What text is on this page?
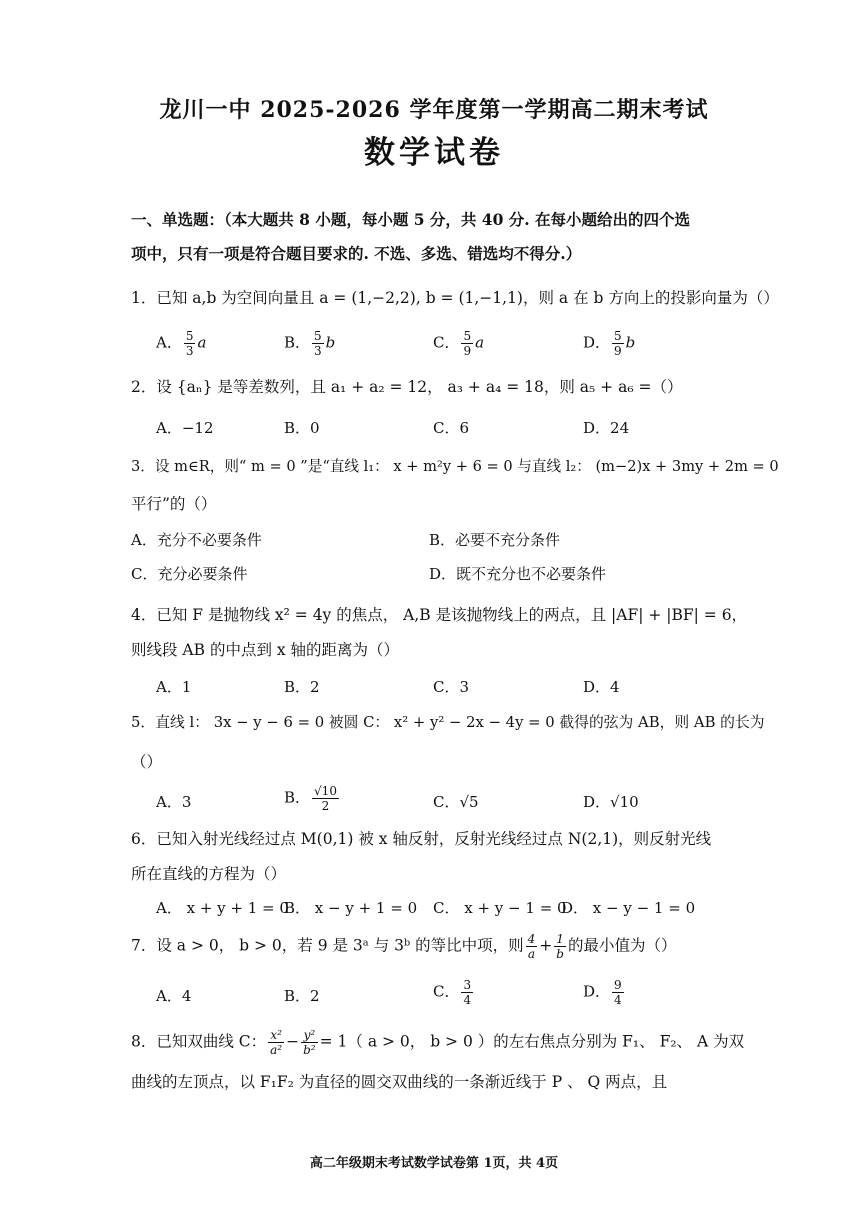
龙川一中 2025-2026 学年度第一学期高二期末考试
数学试卷
一、单选题：（本大题共 8 小题，每小题 5 分，共 40 分. 在每小题给出的四个选
项中，只有一项是符合题目要求的. 不选、多选、错选均不得分.）
1．已知 a,b 为空间向量且 a = (1,−2,2), b = (1,−1,1)，则 a 在 b 方向上的投影向量为（）
A． $\frac{5}{3}$ a	B． $\frac{5}{3}$ b	C． $\frac{5}{9}$ a	D． $\frac{5}{9}$ b
2．设 {aₙ} 是等差数列，且 a₁ + a₂ = 12， a₃ + a₄ = 18，则 a₅ + a₆ =（）
A．−12	B．0	C．6	D．24
3．设 m∈R，则“ m = 0 ”是“直线 l₁： x + m²y + 6 = 0 与直线 l₂： (m−2)x + 3my + 2m = 0
平行”的（）
A．充分不必要条件	B．必要不充分条件
C．充分必要条件	D．既不充分也不必要条件
4．已知 F 是抛物线 x² = 4y 的焦点， A,B 是该抛物线上的两点，且 |AF| + |BF| = 6，
则线段 AB 的中点到 x 轴的距离为（）
A．1	B．2	C．3	D．4
5．直线 l： 3x − y − 6 = 0 被圆 C： x² + y² − 2x − 4y = 0 截得的弦为 AB，则 AB 的长为
（）
A．3	B． $\frac{√10}{2}$	C．√5	D．√10
6．已知入射光线经过点 M(0,1) 被 x 轴反射，反射光线经过点 N(2,1)，则反射光线
所在直线的方程为（）
A． x + y + 1 = 0
B． x − y + 1 = 0 C． x + y − 1 = 0
D． x − y − 1 = 0
7．设 a > 0， b > 0，若 9 是 3ᵃ 与 3ᵇ 的等比中项，则 $\frac{4}{a} + \frac{1}{b}$ 的最小值为（）
A．4	B．2	C． $\frac{3}{4}$	D． $\frac{9}{4}$
8．已知双曲线 C： $\frac{\text{x²}}{\text{a²}} - \frac{\text{y²}}{\text{b²}} = 1$（ a > 0， b > 0 ）的左右焦点分别为 F₁、 F₂、 A 为双
曲线的左顶点，以 F₁F₂ 为直径的圆交双曲线的一条渐近线于 P 、 Q 两点，且
高二年级期末考试数学试卷第 1页，共 4页
